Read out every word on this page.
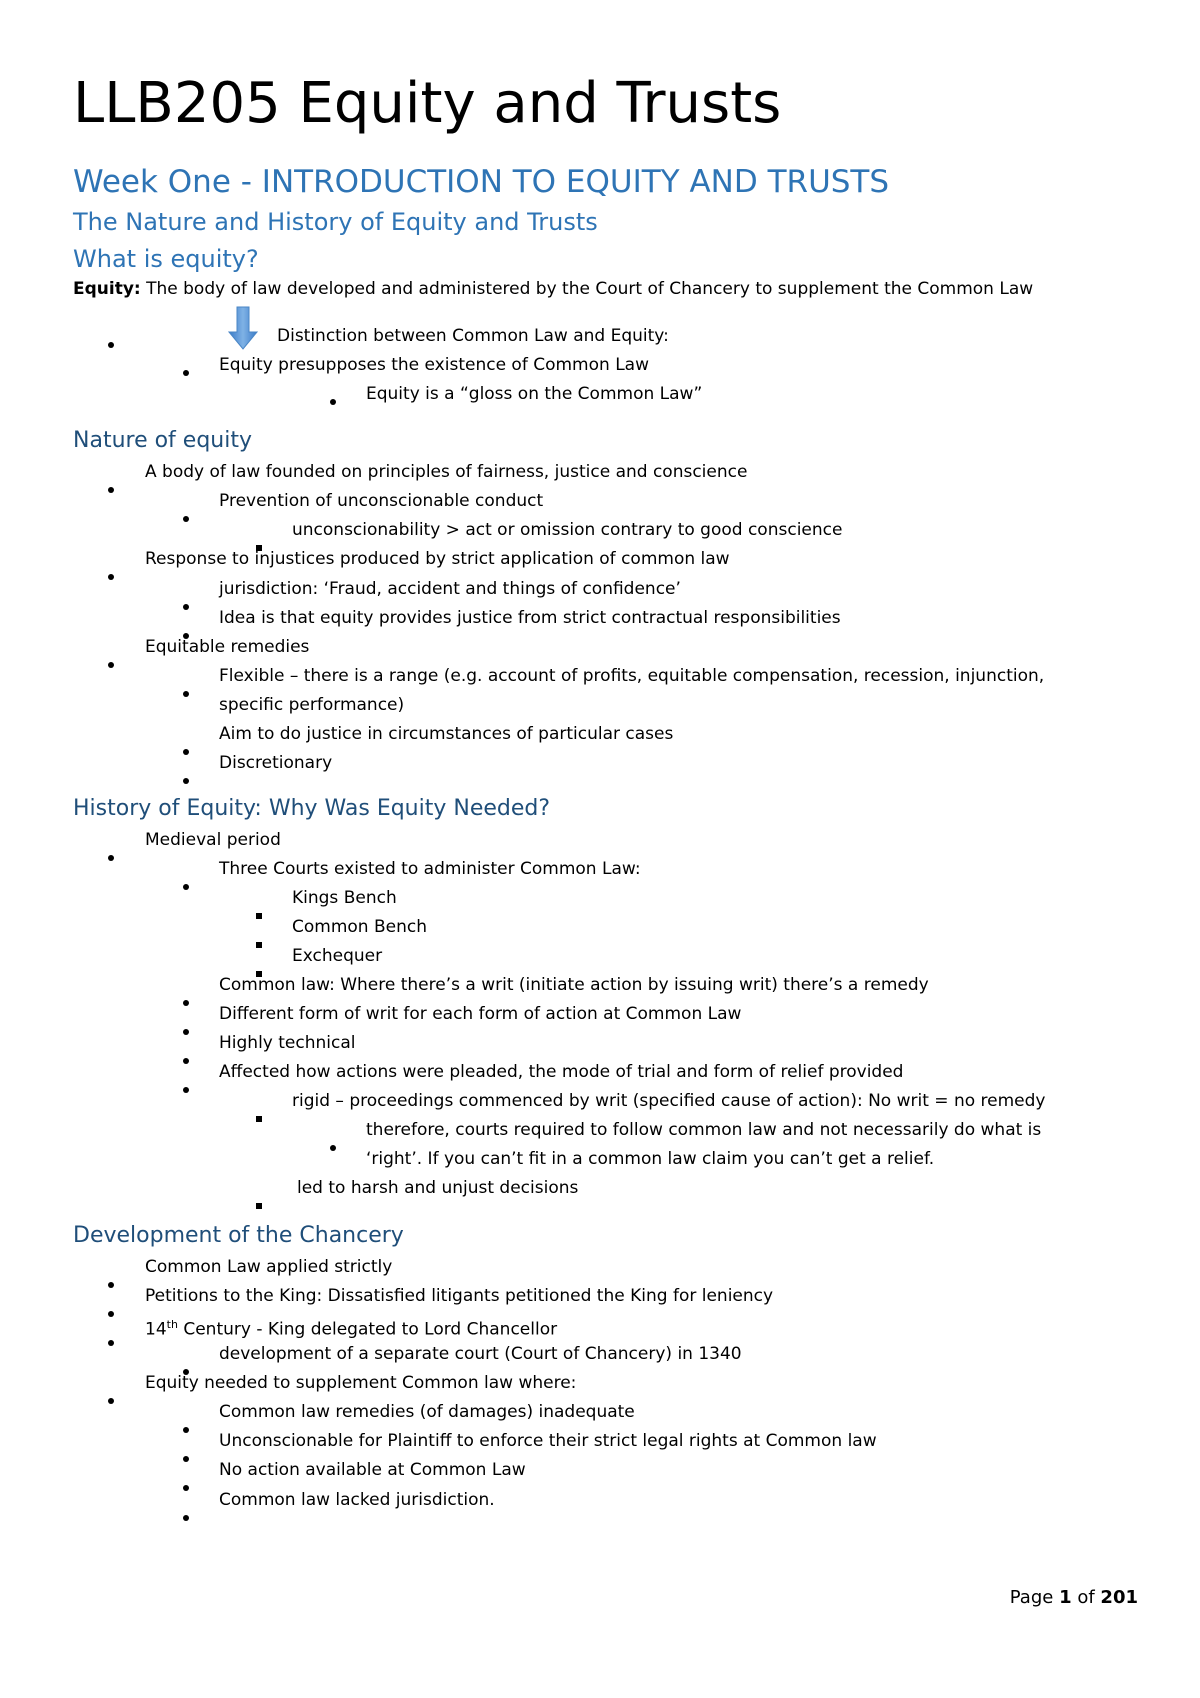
LLB205 Equity and Trusts
Week One - INTRODUCTION TO EQUITY AND TRUSTS
The Nature and History of Equity and Trusts
What is equity?
Equity: The body of law developed and administered by the Court of Chancery to supplement the Common Law
Distinction between Common Law and Equity:
Equity presupposes the existence of Common Law
Equity is a “gloss on the Common Law”
Nature of equity
A body of law founded on principles of fairness, justice and conscience
Prevention of unconscionable conduct
unconscionability > act or omission contrary to good conscience
Response to injustices produced by strict application of common law
jurisdiction: ‘Fraud, accident and things of confidence’
Idea is that equity provides justice from strict contractual responsibilities
Equitable remedies
Flexible – there is a range (e.g. account of profits, equitable compensation, recession, injunction,
specific performance)
Aim to do justice in circumstances of particular cases
Discretionary
History of Equity: Why Was Equity Needed?
Medieval period
Three Courts existed to administer Common Law:
Kings Bench
Common Bench
Exchequer
Common law: Where there’s a writ (initiate action by issuing writ) there’s a remedy
Different form of writ for each form of action at Common Law
Highly technical
Affected how actions were pleaded, the mode of trial and form of relief provided
rigid – proceedings commenced by writ (specified cause of action): No writ = no remedy
therefore, courts required to follow common law and not necessarily do what is
‘right’. If you can’t fit in a common law claim you can’t get a relief.
led to harsh and unjust decisions
Development of the Chancery
Common Law applied strictly
Petitions to the King: Dissatisfied litigants petitioned the King for leniency
14th Century - King delegated to Lord Chancellor
development of a separate court (Court of Chancery) in 1340
Equity needed to supplement Common law where:
Common law remedies (of damages) inadequate
Unconscionable for Plaintiff to enforce their strict legal rights at Common law
No action available at Common Law
Common law lacked jurisdiction.
Page 1 of 201
